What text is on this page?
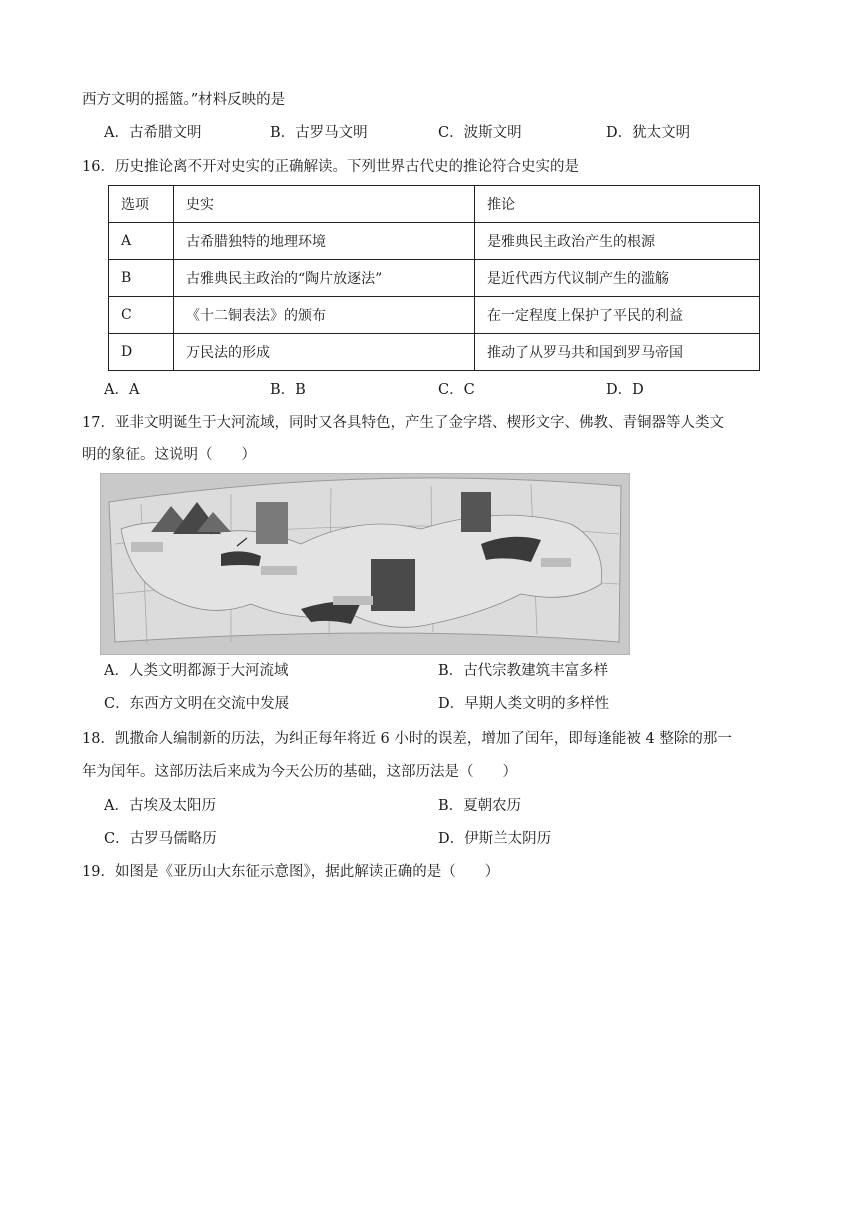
西方文明的摇篮。”材料反映的是
A．古希腊文明	B．古罗马文明	C．波斯文明	D．犹太文明
16．历史推论离不开对史实的正确解读。下列世界古代史的推论符合史实的是
选项	史实	推论
A	古希腊独特的地理环境	是雅典民主政治产生的根源
B	古雅典民主政治的“陶片放逐法”	是近代西方代议制产生的滥觞
C	《十二铜表法》的颁布	在一定程度上保护了平民的利益
D	万民法的形成	推动了从罗马共和国到罗马帝国
A．A	B．B	C．C	D．D
17．亚非文明诞生于大河流域，同时又各具特色，产生了金字塔、楔形文字、佛教、青铜器等人类文
明的象征。这说明（　　）
A．人类文明都源于大河流域	B．古代宗教建筑丰富多样
C．东西方文明在交流中发展	D．早期人类文明的多样性
18．凯撒命人编制新的历法，为纠正每年将近 6 小时的误差，增加了闰年，即每逢能被 4 整除的那一
年为闰年。这部历法后来成为今天公历的基础，这部历法是（　　）
A．古埃及太阳历	B．夏朝农历
C．古罗马儒略历	D．伊斯兰太阴历
19．如图是《亚历山大东征示意图》，据此解读正确的是（　　）
